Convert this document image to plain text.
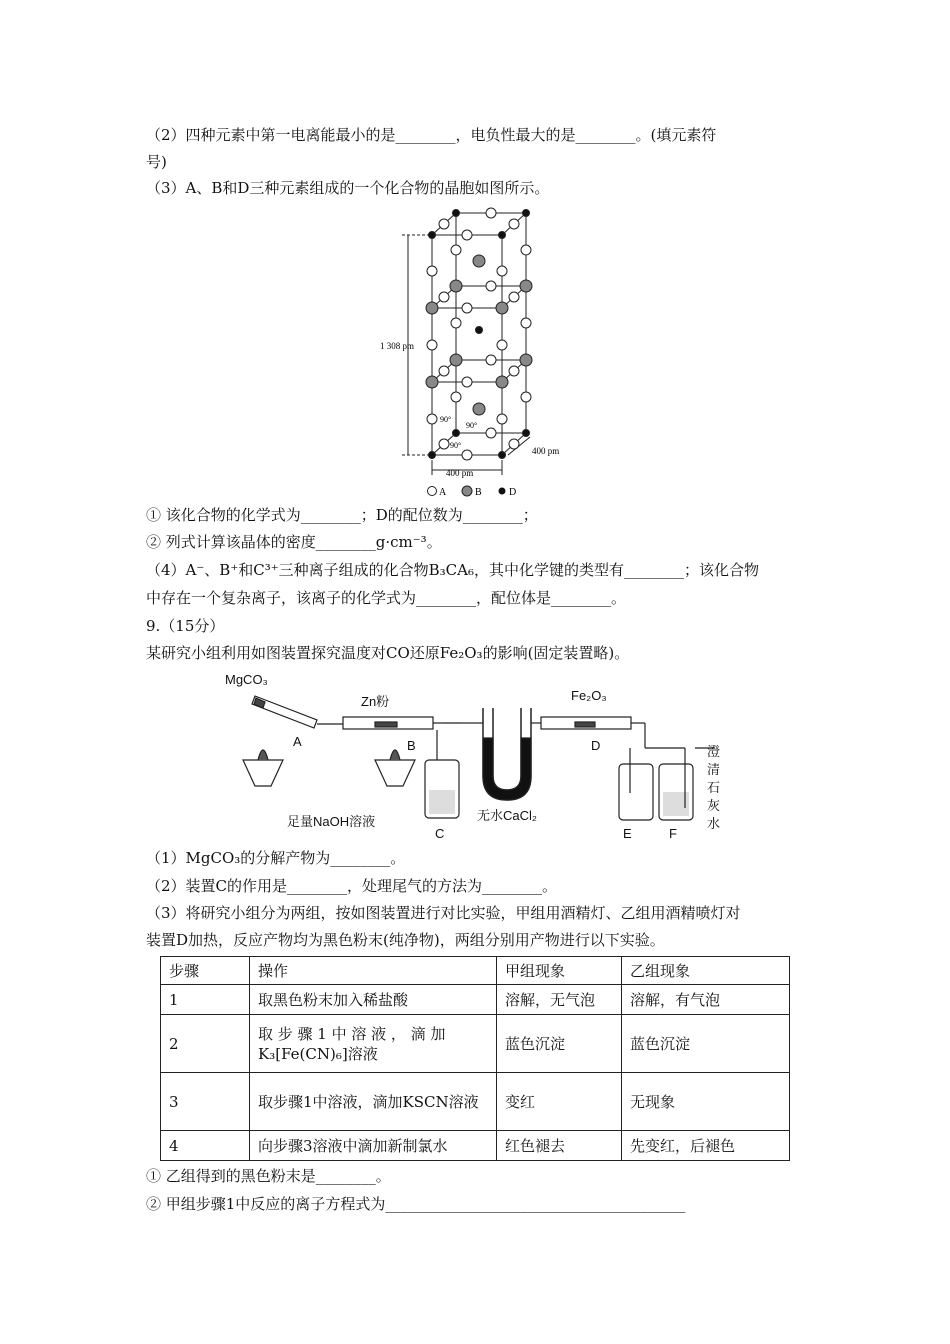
（2）四种元素中第一电离能最小的是________，电负性最大的是________。(填元素符
号)
（3）A、B和D三种元素组成的一个化合物的晶胞如图所示。
1 308 pm
400 pm
400 pm
90°
90°
90°
A	B	D
① 该化合物的化学式为________；D的配位数为________；
② 列式计算该晶体的密度________g·cm⁻³。
（4）A⁻、B⁺和C³⁺三种离子组成的化合物B₃CA₆，其中化学键的类型有________；该化合物
中存在一个复杂离子，该离子的化学式为________，配位体是________。
9.（15分）
某研究小组利用如图装置探究温度对CO还原Fe₂O₃的影响(固定装置略)。
MgCO₃
Zn粉	Fe₂O₃
足量NaOH溶液	无水CaCl₂
A	B
C
D
E	F
澄
清
石
灰
水
（1）MgCO₃的分解产物为________。
（2）装置C的作用是________，处理尾气的方法为________。
（3）将研究小组分为两组，按如图装置进行对比实验，甲组用酒精灯、乙组用酒精喷灯对
装置D加热，反应产物均为黑色粉末(纯净物)，两组分别用产物进行以下实验。
步骤	操作	甲组现象	乙组现象
1	取黑色粉末加入稀盐酸	溶解，无气泡	溶解，有气泡
2	取 步 骤 1 中 溶 液 ， 滴 加 K₃[Fe(CN)₆]溶液	蓝色沉淀	蓝色沉淀
3	取步骤1中溶液，滴加KSCN溶液	变红	无现象
4	向步骤3溶液中滴加新制氯水	红色褪去	先变红，后褪色
① 乙组得到的黑色粉末是________。
② 甲组步骤1中反应的离子方程式为________________________________________
